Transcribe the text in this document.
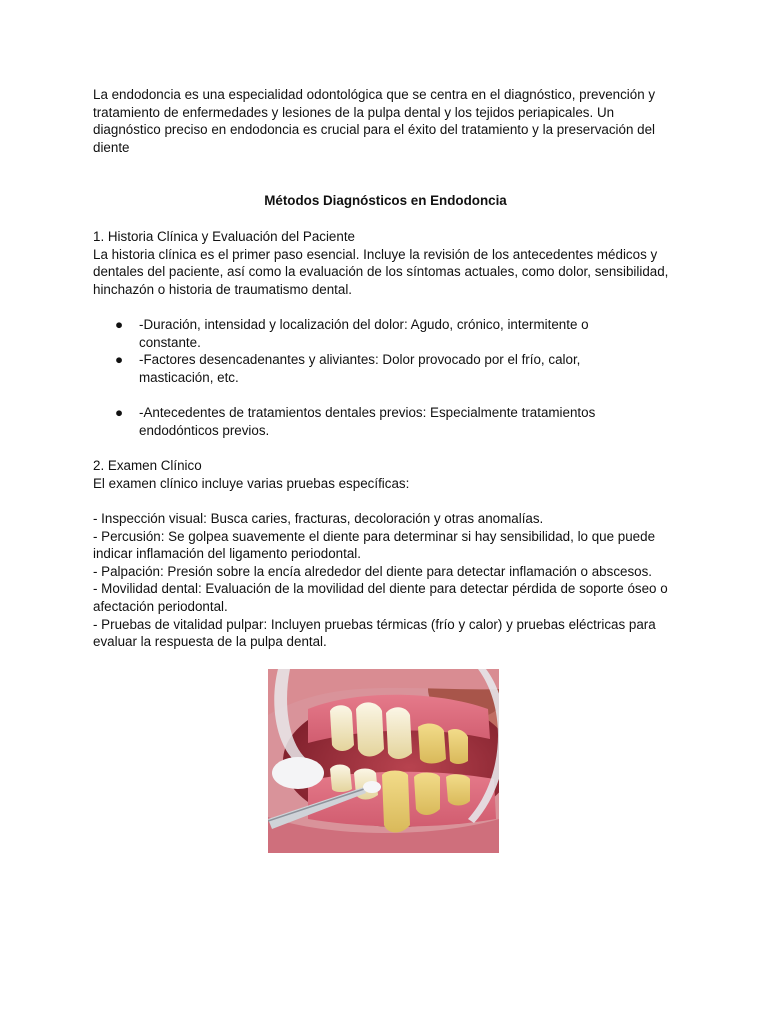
La endodoncia es una especialidad odontológica que se centra en el diagnóstico, prevención y tratamiento de enfermedades y lesiones de la pulpa dental y los tejidos periapicales. Un diagnóstico preciso en endodoncia es crucial para el éxito del tratamiento y la preservación del diente

Métodos Diagnósticos en Endodoncia

1. Historia Clínica y Evaluación del Paciente

La historia clínica es el primer paso esencial. Incluye la revisión de los antecedentes médicos y dentales del paciente, así como la evaluación de los síntomas actuales, como dolor, sensibilidad, hinchazón o historia de traumatismo dental.

● -Duración, intensidad y localización del dolor: Agudo, crónico, intermitente o constante.
● -Factores desencadenantes y aliviantes: Dolor provocado por el frío, calor, masticación, etc.
● -Antecedentes de tratamientos dentales previos: Especialmente tratamientos endodónticos previos.

2. Examen Clínico

El examen clínico incluye varias pruebas específicas:

- Inspección visual: Busca caries, fracturas, decoloración y otras anomalías.

- Percusión: Se golpea suavemente el diente para determinar si hay sensibilidad, lo que puede indicar inflamación del ligamento periodontal.

- Palpación: Presión sobre la encía alrededor del diente para detectar inflamación o abscesos.

- Movilidad dental: Evaluación de la movilidad del diente para detectar pérdida de soporte óseo o afectación periodontal.

- Pruebas de vitalidad pulpar: Incluyen pruebas térmicas (frío y calor) y pruebas eléctricas para evaluar la respuesta de la pulpa dental.
